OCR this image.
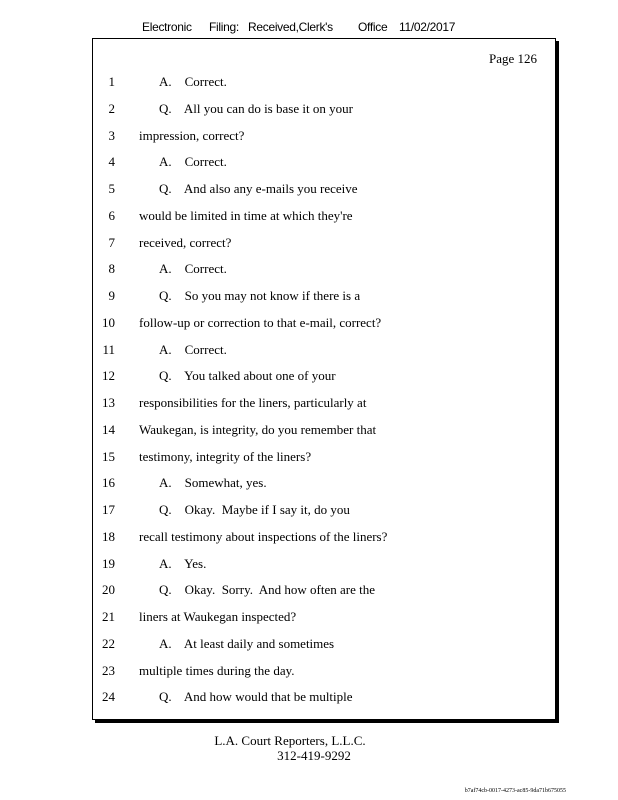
Electronic Filing: Received,Clerk's Office 11/02/2017
Page 126
1	A.    Correct.
2	Q.    All you can do is base it on your
3 impression, correct?
4	A.    Correct.
5	Q.    And also any e-mails you receive
6 would be limited in time at which they're
7 received, correct?
8	A.    Correct.
9	Q.    So you may not know if there is a
10 follow-up or correction to that e-mail, correct?
11	A.    Correct.
12	Q.    You talked about one of your
13 responsibilities for the liners, particularly at
14 Waukegan, is integrity, do you remember that
15 testimony, integrity of the liners?
16	A.    Somewhat, yes.
17	Q.    Okay.  Maybe if I say it, do you
18 recall testimony about inspections of the liners?
19	A.    Yes.
20	Q.    Okay.  Sorry.  And how often are the
21 liners at Waukegan inspected?
22	A.    At least daily and sometimes
23 multiple times during the day.
24	Q.    And how would that be multiple
L.A. Court Reporters, L.L.C.
312-419-9292
b7af74cb-0017-4273-ac85-9da71b675055
